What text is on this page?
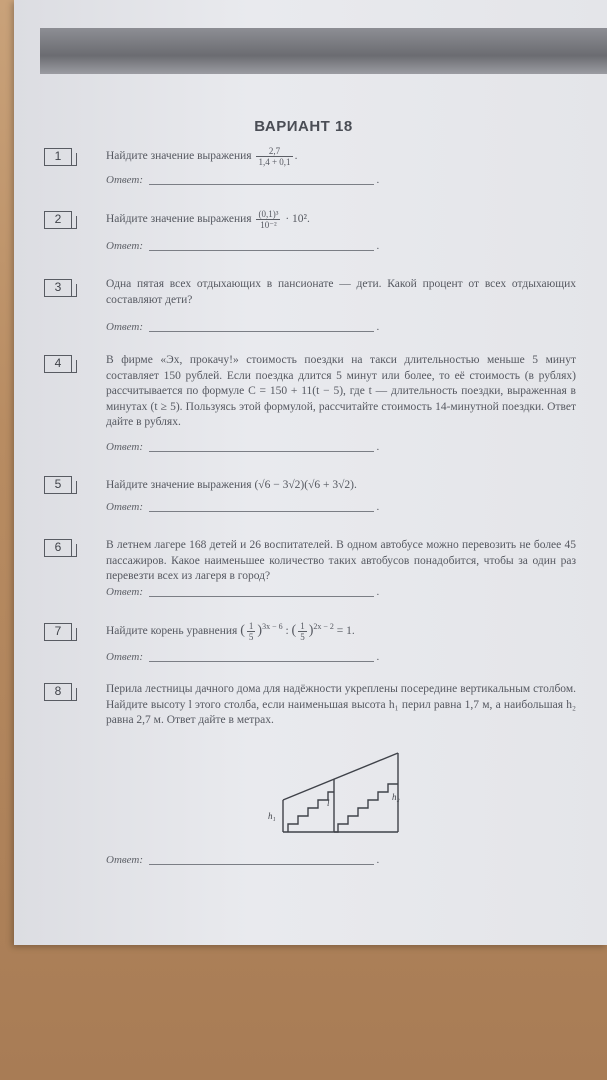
ВАРИАНТ 18
1	Найдите значение выражения $\frac{2,7}{1,4 + 0,1}$ .
Ответ:	.
2	Найдите значение выражения $\frac{\text{(0,1)³}}{\text{10⁻²}} \cdot 10^2$.
Ответ:	.
3	Одна пятая всех отдыхающих в пансионате — дети. Какой процент от всех отдыхающих составляют дети?
Ответ:	.
4	В фирме «Эх, прокачу!» стоимость поездки на такси длительностью меньше 5 минут составляет 150 рублей. Если поездка длится 5 минут или более, то её стоимость (в рублях) рассчитывается по формуле C = 150 + 11(t − 5), где t — длительность поездки, выраженная в минутах (t ≥ 5). Пользуясь этой формулой, рассчитайте стоимость 14-минутной поездки. Ответ дайте в рублях.
Ответ:	.
5	Найдите значение выражения (√6 − 3√2)(√6 + 3√2).
Ответ:	.
6	В летнем лагере 168 детей и 26 воспитателей. В одном автобусе можно перевозить не более 45 пассажиров. Какое наименьшее количество таких автобусов понадобится, чтобы за один раз перевезти всех из лагеря в город?
Ответ:	.
7	Найдите корень уравнения ( $\frac{1}{5} )^{3x - 6}$ : ( $\frac{1}{5} )^{2x - 2} = 1$.
Ответ:	.
8	Перила лестницы дачного дома для надёжности укреплены посередине вертикальным столбом. Найдите высоту l этого столба, если наименьшая высота h₁ перил равна 1,7 м, а наибольшая h₂ равна 2,7 м. Ответ дайте в метрах.
h₁
l
h₂
Ответ:	.
